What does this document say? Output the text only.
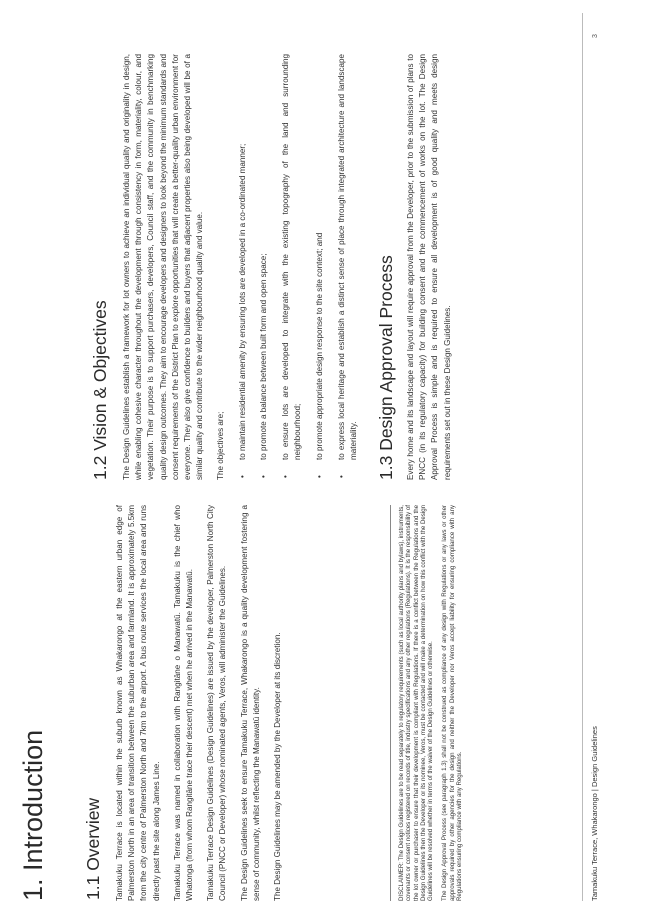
3
1. Introduction 1.1 Overview Tamakuku Terrace is located within the suburb known as Whakarongo at the eastern urban edge of Palmerston North in an area of transition between the suburban area and farmland. It is approximately 5.5km from the city centre of Palmerston North and 7km to the airport. A bus route services the local area and runs directly past the site along James Line. Tamakuku Terrace was named in collaboration with Rangitāne o Manawatū. Tamakuku is the chief who Whatonga (from whom Rangitāne trace their descent) met when he arrived in the Manawatū. Tamakuku Terrace Design Guidelines (Design Guidelines) are issued by the developer, Palmerston North City Council (PNCC or Developer) whose nominated agents, Veros, will administer the Guidelines. The Design Guidelines seek to ensure Tamakuku Terrace, Whakarongo is a quality development fostering a sense of community, whilst reflecting the Manawatū identity. The Design Guidelines may be amended by the Developer at its discretion.	DISCLAIMER: The Design Guidelines are to be read separately to regulatory requirements (such as local authority plans and bylaws), instruments, covenants or consent notices registered on records of title, industry specifications and any other regulations (Regulations). It is the responsibility of the lot owner or purchaser to ensure that their development is compliant with Regulations. If there is a conflict between the Regulations and the Design Guidelines then the Developer or its nominee, Veros, must be contacted and will make a determination on how this conflict with the Design Guidelines will be resolved whether in terms of the waiver of the Design Guidelines or otherwise. The Design Approval Process (see paragraph 1.3) shall not be construed as compliance of any design with Regulations or any laws or other approvals required by other agencies for the design and neither the Developer nor Veros accept liability for ensuring compliance with any Regulations ensuring compliance with any Regulations.

1.2 Vision & Objectives The Design Guidelines establish a framework for lot owners to achieve an individual quality and originality in design, while enabling cohesive character throughout the development through consistency in form, materiality, colour, and vegetation. Their purpose is to support purchasers, developers, Council staff, and the community in benchmarking quality design outcomes. They aim to encourage developers and designers to look beyond the minimum standards and consent requirements of the District Plan to explore opportunities that will create a better-quality urban environment for everyone. They also give confidence to builders and buyers that adjacent properties also being developed will be of a similar quality and contribute to the wider neighbourhood quality and value. The objectives are; • to maintain residential amenity by ensuring lots are developed in a co-ordinated manner; • to promote a balance between built form and open space; • to ensure lots are developed to integrate with the existing topography of the land and surrounding neighbourhood; • to promote appropriate design response to the site context; and • to express local heritage and establish a distinct sense of place through integrated architecture and landscape materiality. 1.3 Design Approval Process Every home and its landscape and layout will require approval from the Developer, prior to the submission of plans to PNCC (in its regulatory capacity) for building consent and the commencement of works on the lot. The Design Approval Process is simple and is required to ensure all development is of good quality and meets design requirements set out in these Design Guidelines.

Tamakuku Terrace, Whakarongo | Design Guidelines
